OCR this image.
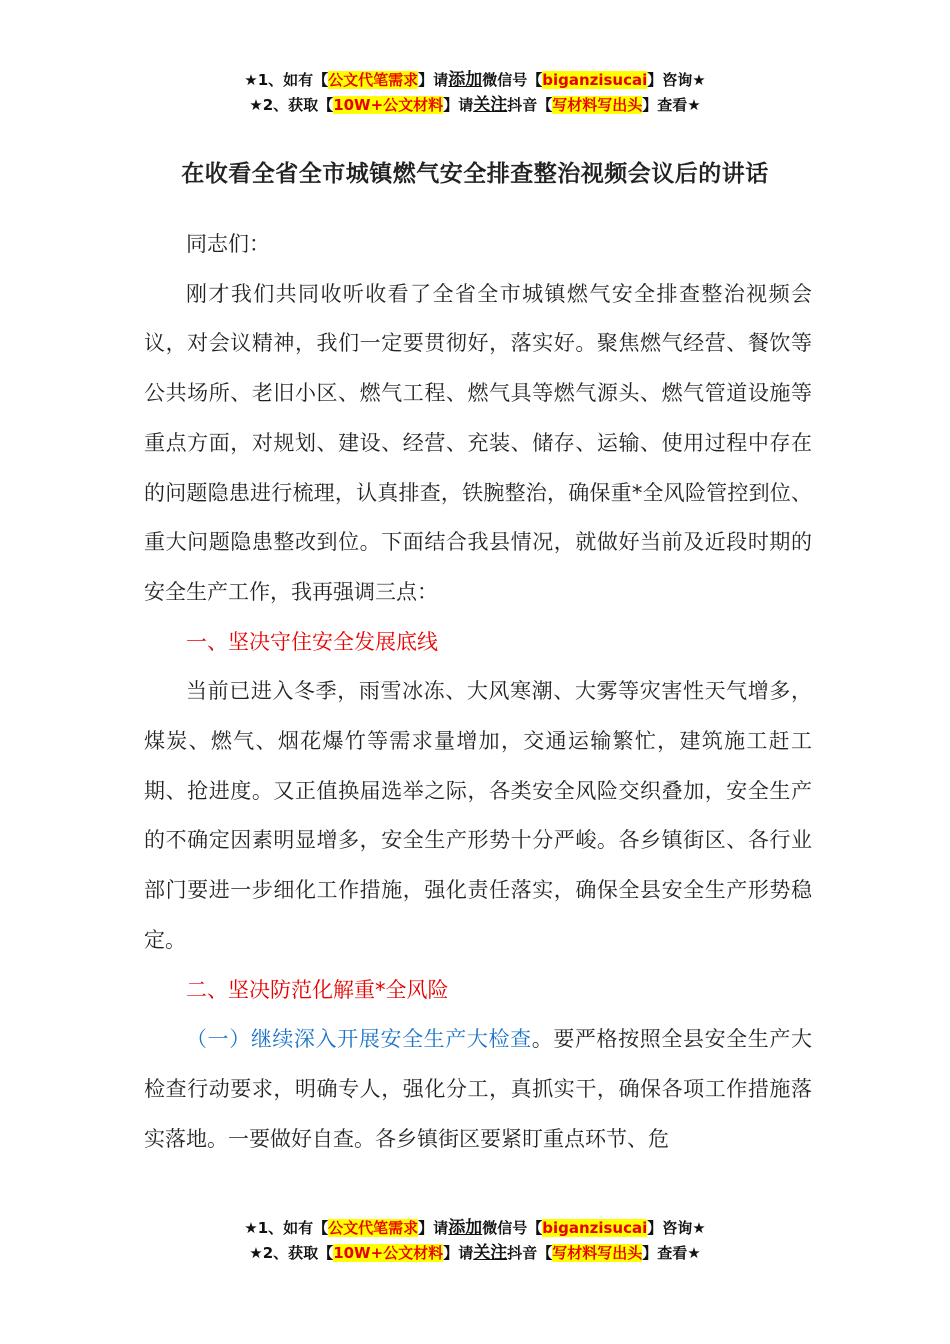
★1、如有【公文代笔需求】请添加微信号【biganzisucai】咨询★
★2、获取【10W+公文材料】请关注抖音【写材料写出头】查看★
在收看全省全市城镇燃气安全排查整治视频会议后的讲话

同志们：

刚才我们共同收听收看了全省全市城镇燃气安全排查整治视频会议，对会议精神，我们一定要贯彻好，落实好。聚焦燃气经营、餐饮等公共场所、老旧小区、燃气工程、燃气具等燃气源头、燃气管道设施等重点方面，对规划、建设、经营、充装、储存、运输、使用过程中存在的问题隐患进行梳理，认真排查，铁腕整治，确保重*全风险管控到位、重大问题隐患整改到位。下面结合我县情况，就做好当前及近段时期的安全生产工作，我再强调三点：

一、坚决守住安全发展底线

当前已进入冬季，雨雪冰冻、大风寒潮、大雾等灾害性天气增多，煤炭、燃气、烟花爆竹等需求量增加，交通运输繁忙，建筑施工赶工期、抢进度。又正值换届选举之际，各类安全风险交织叠加，安全生产的不确定因素明显增多，安全生产形势十分严峻。各乡镇街区、各行业部门要进一步细化工作措施，强化责任落实，确保全县安全生产形势稳定。

二、坚决防范化解重*全风险

（一）继续深入开展安全生产大检查。要严格按照全县安全生产大检查行动要求，明确专人，强化分工，真抓实干，确保各项工作措施落实落地。一要做好自查。各乡镇街区要紧盯重点环节、危

★1、如有【公文代笔需求】请添加微信号【biganzisucai】咨询★
★2、获取【10W+公文材料】请关注抖音【写材料写出头】查看★
